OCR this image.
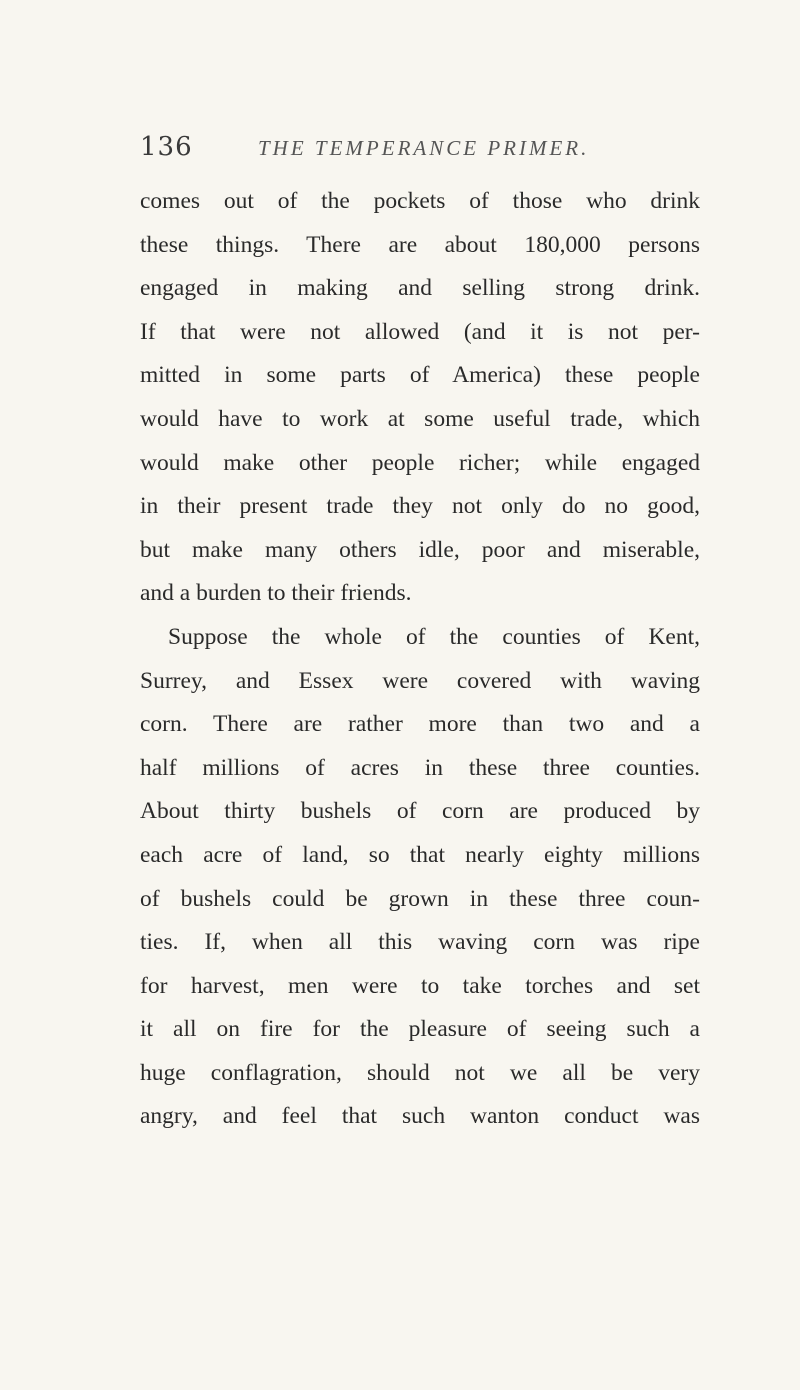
136	THE TEMPERANCE PRIMER.
comes out of the pockets of those who drink
these things. There are about 180,000 persons
engaged in making and selling strong drink.
If that were not allowed (and it is not per-
mitted in some parts of America) these people
would have to work at some useful trade, which
would make other people richer; while engaged
in their present trade they not only do no good,
but make many others idle, poor and miserable,
and a burden to their friends.
Suppose the whole of the counties of Kent,
Surrey, and Essex were covered with waving
corn. There are rather more than two and a
half millions of acres in these three counties.
About thirty bushels of corn are produced by
each acre of land, so that nearly eighty millions
of bushels could be grown in these three coun-
ties. If, when all this waving corn was ripe
for harvest, men were to take torches and set
it all on fire for the pleasure of seeing such a
huge conflagration, should not we all be very
angry, and feel that such wanton conduct was
